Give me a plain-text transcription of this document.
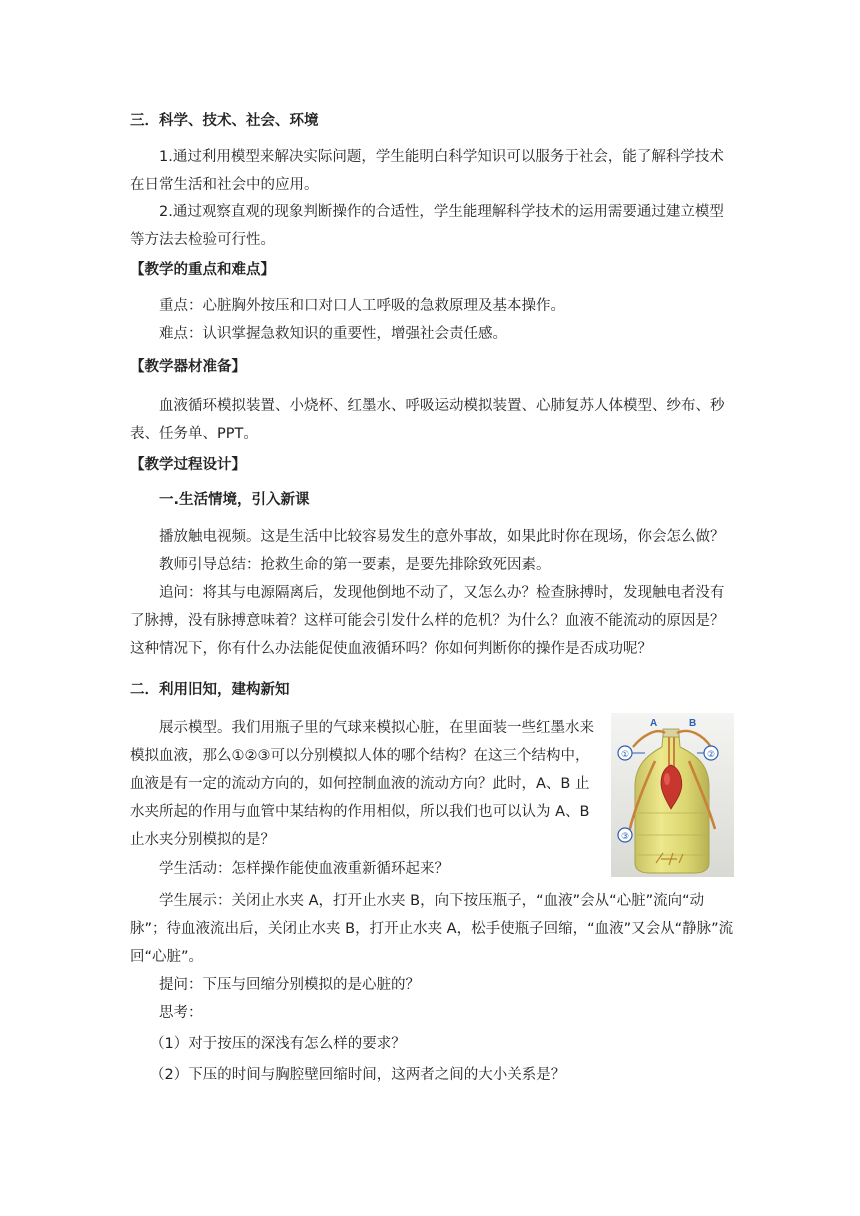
三．科学、技术、社会、环境

1.通过利用模型来解决实际问题，学生能明白科学知识可以服务于社会，能了解科学技术在日常生活和社会中的应用。

2.通过观察直观的现象判断操作的合适性，学生能理解科学技术的运用需要通过建立模型等方法去检验可行性。

【教学的重点和难点】

重点：心脏胸外按压和口对口人工呼吸的急救原理及基本操作。

难点：认识掌握急救知识的重要性，增强社会责任感。

【教学器材准备】

血液循环模拟装置、小烧杯、红墨水、呼吸运动模拟装置、心肺复苏人体模型、纱布、秒表、任务单、PPT。

【教学过程设计】

一.生活情境，引入新课

播放触电视频。这是生活中比较容易发生的意外事故，如果此时你在现场，你会怎么做？

教师引导总结：抢救生命的第一要素，是要先排除致死因素。

追问：将其与电源隔离后，发现他倒地不动了，又怎么办？检查脉搏时，发现触电者没有了脉搏，没有脉搏意味着？这样可能会引发什么样的危机？为什么？血液不能流动的原因是？这种情况下，你有什么办法能促使血液循环吗？你如何判断你的操作是否成功呢？

二．利用旧知，建构新知

展示模型。我们用瓶子里的气球来模拟心脏，在里面装一些红墨水来模拟血液，那么①②③可以分别模拟人体的哪个结构？在这三个结构中，血液是有一定的流动方向的，如何控制血液的流动方向？此时，A、B 止水夹所起的作用与血管中某结构的作用相似，所以我们也可以认为 A、B 止水夹分别模拟的是？

学生活动：怎样操作能使血液重新循环起来？

学生展示：关闭止水夹 A，打开止水夹 B，向下按压瓶子，“血液”会从“心脏”流向“动脉”；待血液流出后，关闭止水夹 B，打开止水夹 A，松手使瓶子回缩，“血液”又会从“静脉”流回“心脏”。

提问：下压与回缩分别模拟的是心脏的？

思考：

（1）对于按压的深浅有怎么样的要求？

（2）下压的时间与胸腔壁回缩时间，这两者之间的大小关系是？

A	B
①	②
③
